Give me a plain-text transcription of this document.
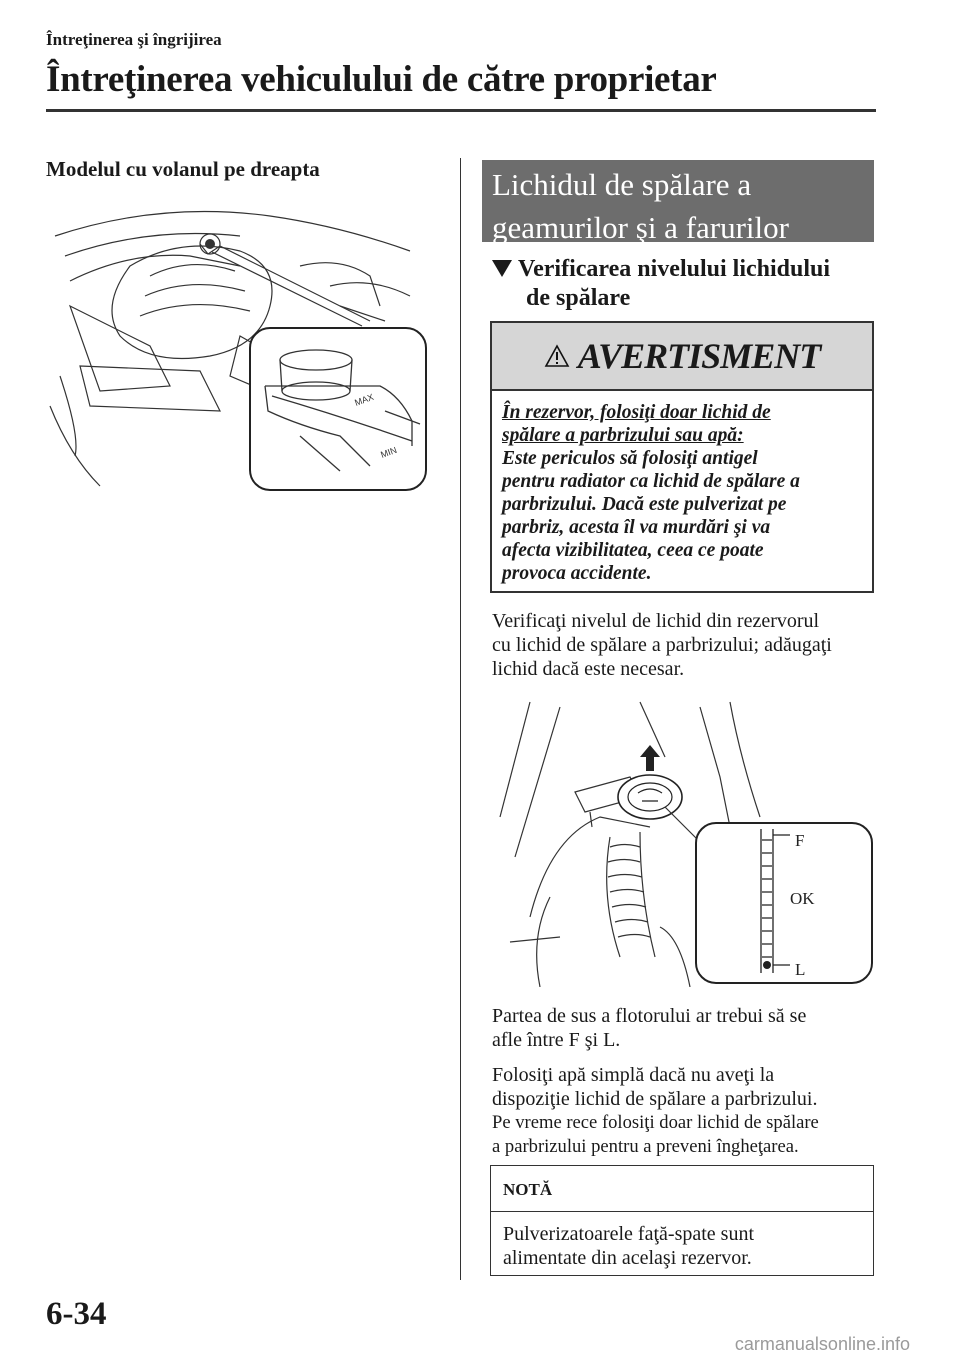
Întreţinerea şi îngrijirea
Întreţinerea vehiculului de către proprietar
Modelul cu volanul pe dreapta
MAX
MIN
Lichidul de spălare a
geamurilor şi a farurilor
Verificarea nivelului lichidului
de spălare
AVERTISMENT
În rezervor, folosiţi doar lichid de
spălare a parbrizului sau apă:
Este periculos să folosiţi antigel
pentru radiator ca lichid de spălare a
parbrizului. Dacă este pulverizat pe
parbriz, acesta îl va murdări şi va
afecta vizibilitatea, ceea ce poate
provoca accidente.
Verificaţi nivelul de lichid din rezervorul
cu lichid de spălare a parbrizului; adăugaţi
lichid dacă este necesar.
F
OK
L
Partea de sus a flotorului ar trebui să se
afle între F şi L.
Folosiţi apă simplă dacă nu aveţi la
dispoziţie lichid de spălare a parbrizului.
Pe vreme rece folosiţi doar lichid de spălare
a parbrizului pentru a preveni îngheţarea.
NOTĂ
Pulverizatoarele faţă-spate sunt
alimentate din acelaşi rezervor.
6-34
carmanualsonline.info
